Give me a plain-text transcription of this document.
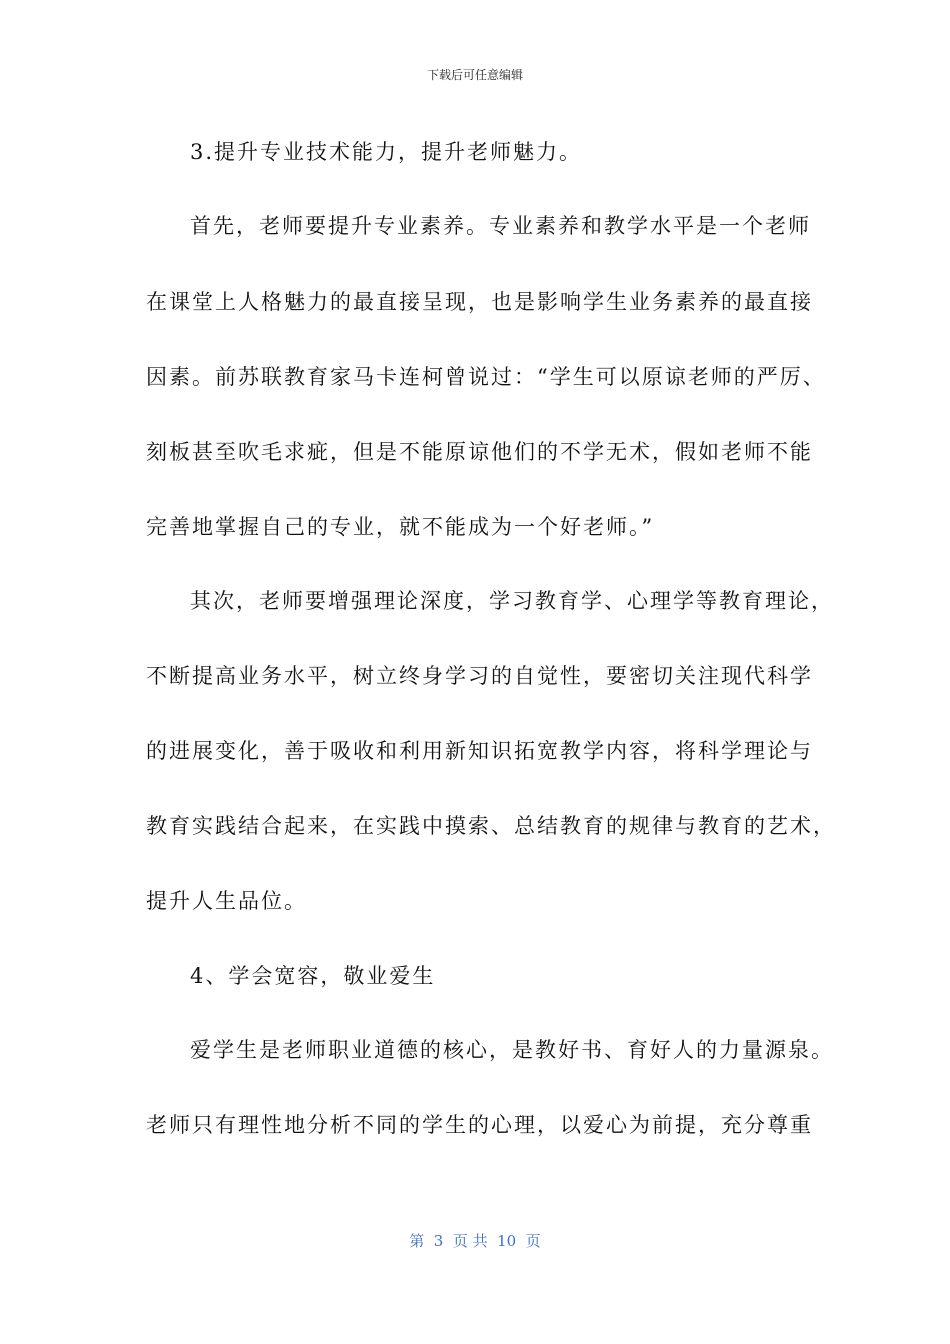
下载后可任意编辑
3.提升专业技术能力，提升老师魅力。
首先，老师要提升专业素养。专业素养和教学水平是一个老师
在课堂上人格魅力的最直接呈现，也是影响学生业务素养的最直接
因素。前苏联教育家马卡连柯曾说过：“学生可以原谅老师的严厉、
刻板甚至吹毛求疵，但是不能原谅他们的不学无术，假如老师不能
完善地掌握自己的专业，就不能成为一个好老师。”
其次，老师要增强理论深度，学习教育学、心理学等教育理论，
不断提高业务水平，树立终身学习的自觉性，要密切关注现代科学
的进展变化，善于吸收和利用新知识拓宽教学内容，将科学理论与
教育实践结合起来，在实践中摸索、总结教育的规律与教育的艺术，
提升人生品位。
4、学会宽容，敬业爱生
爱学生是老师职业道德的核心，是教好书、育好人的力量源泉。
老师只有理性地分析不同的学生的心理，以爱心为前提，充分尊重
第  3  页 共  10  页
